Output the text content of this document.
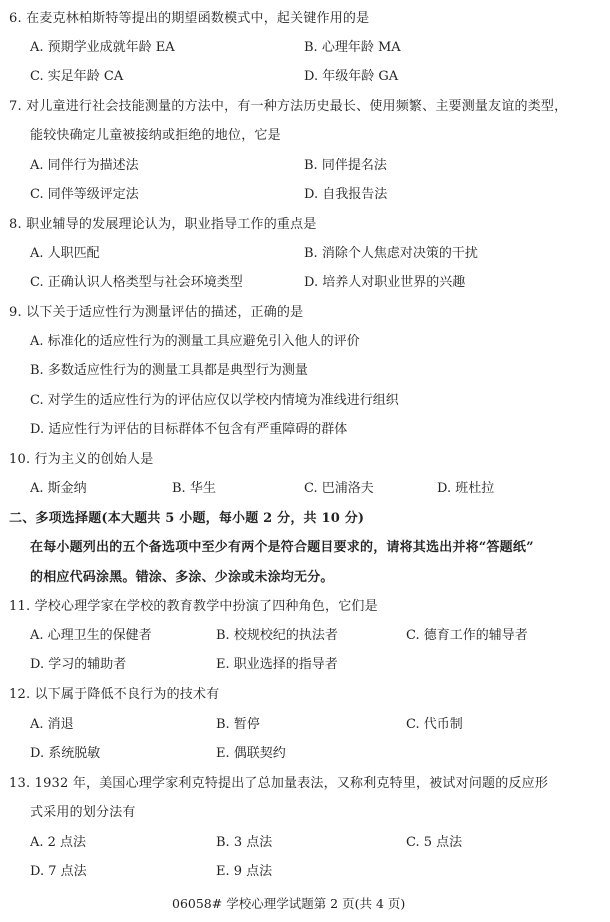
6. 在麦克林柏斯特等提出的期望函数模式中，起关键作用的是
A. 预期学业成就年龄 EA	B. 心理年龄 MA
C. 实足年龄 CA	D. 年级年龄 GA
7. 对儿童进行社会技能测量的方法中，有一种方法历史最长、使用频繁、主要测量友谊的类型，
能较快确定儿童被接纳或拒绝的地位，它是
A. 同伴行为描述法	B. 同伴提名法
C. 同伴等级评定法	D. 自我报告法
8. 职业辅导的发展理论认为，职业指导工作的重点是
A. 人职匹配	B. 消除个人焦虑对决策的干扰
C. 正确认识人格类型与社会环境类型	D. 培养人对职业世界的兴趣
9. 以下关于适应性行为测量评估的描述，正确的是
A. 标准化的适应性行为的测量工具应避免引入他人的评价
B. 多数适应性行为的测量工具都是典型行为测量
C. 对学生的适应性行为的评估应仅以学校内情境为准线进行组织
D. 适应性行为评估的目标群体不包含有严重障碍的群体
10. 行为主义的创始人是
A. 斯金纳	B. 华生	C. 巴浦洛夫	D. 班杜拉
二、多项选择题(本大题共 5 小题，每小题 2 分，共 10 分)
在每小题列出的五个备选项中至少有两个是符合题目要求的，请将其选出并将“答题纸”
的相应代码涂黑。错涂、多涂、少涂或未涂均无分。
11. 学校心理学家在学校的教育教学中扮演了四种角色，它们是
A. 心理卫生的保健者	B. 校规校纪的执法者	C. 德育工作的辅导者
D. 学习的辅助者	E. 职业选择的指导者
12. 以下属于降低不良行为的技术有
A. 消退	B. 暂停	C. 代币制
D. 系统脱敏	E. 偶联契约
13. 1932 年，美国心理学家利克特提出了总加量表法，又称利克特里，被试对问题的反应形
式采用的划分法有
A. 2 点法	B. 3 点法	C. 5 点法
D. 7 点法	E. 9 点法
06058# 学校心理学试题第 2 页(共 4 页)
